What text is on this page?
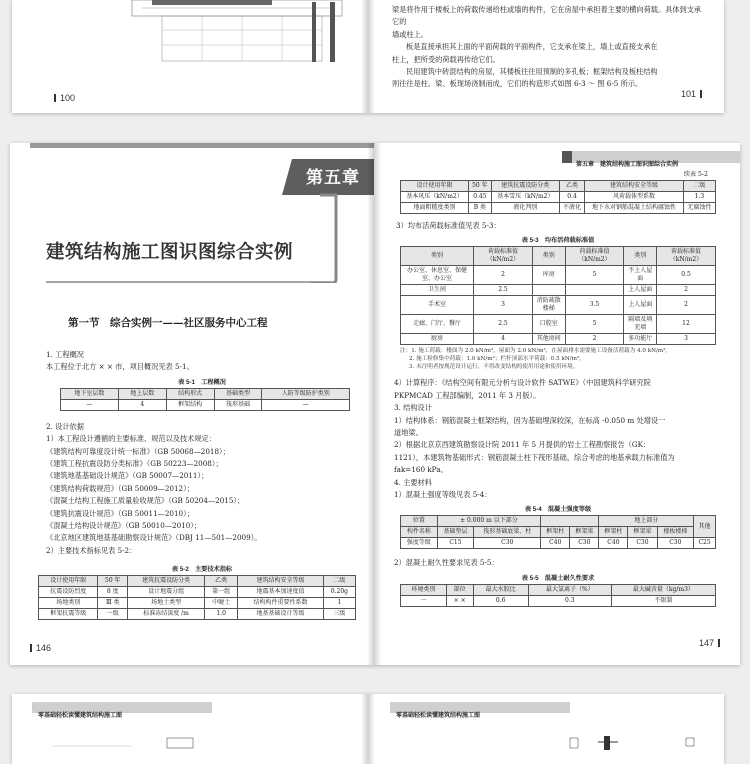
100

梁是将作用于楼板上的荷载传递给柱或墙的构件，它在房屋中承担着主要的横向荷载。具体到支承它的

墙或柱上。

板是直接承担其上面的平面荷载的平面构件，它支承在梁上，墙上或直接支承在

柱上，把所受的荷载再传给它们。

民用建筑中砖混结构的房屋，其楼板往往用预制的多孔板；框架结构及板柱结构

则往往是柱、梁、板现场浇制而成，它们的构造形式如图 6-3 ～ 图 6-5 所示。

101
第五章
建筑结构施工图识图综合实例
第一节　综合实例一——社区服务中心工程

1. 工程概况

本工程位于北方 × × 市，项目概况见表 5-1。

表 5-1　工程概况
地下室层数	地上层数	结构形式	基础类型	人防等级防护类别
—	4	框架结构	筏形基础	—

2. 设计依据

1）本工程设计遵循的主要标准、规范以及技术规定：

《建筑结构可靠度设计统一标准》（GB 50068—2018）；

《建筑工程抗震设防分类标准》（GB 50223—2008）；

《建筑地基基础设计规范》（GB 50007—2011）；

《建筑结构荷载规范》（GB 50009—2012）；

《混凝土结构工程施工质量验收规范》（GB 50204—2015）；

《建筑抗震设计规范》（GB 50011—2010）；

《混凝土结构设计规范》（GB 50010—2010）；

《北京地区建筑地基基础勘察设计规范》（DBJ 11—501—2009）。

2）主要技术指标见表 5-2：

表 5-2　主要技术指标
设计使用年限	50 年	建筑抗震设防分类	乙类	建筑结构安全等级	二级
抗震设防烈度	8 度	设计地震分组	第一组	地震基本加速度值	0.20g
场地类别	Ⅲ 类	场地土类型	中硬土	结构构件重要性系数	1
框架抗震等级	一级	标准冻结深度 /m	1.0	地基基础设计等级	三级
146
第五章　建筑结构施工图识图综合实例
续表 5-2
设计使用年限	50 年	建筑抗震设防分类	乙类	建筑结构安全等级	二级
基本风压（kN/m2）	0.45	基本雪压（kN/m2）	0.4	风荷载体型系数	1.3
地面粗糙度类别	B 类	液化判别	不液化	地下水对钢筋混凝土结构腐蚀性	无腐蚀性

3）均布活荷载标准值见表 5-3：

表 5-3　均布活荷载标准值
类别	荷载标准值（kN/m2）	类别	荷载标准值（kN/m2）	类别	荷载标准值（kN/m2）
办公室、休息室、保健室、办公室	2	库房	5	不上人屋面	0.5
卫生间	2.5			上人屋面	2
手术室	3	消防疏散楼梯	3.5	上人屋面	2
走廊、门厅、餐厅	2.5	口腔室	5	隔墙及填充墙	12
厨房	4	其他房间	2	多功能厅	3
注：1. 施工荷载：楼面为 2.0 kN/m²，屋面为 2.0 kN/m²，在屋面排水需要施工设备活荷载为 4.0 kN/m²。
2. 施工检修集中荷载：1.0 kN/m²；栏杆顶部水平荷载：0.5 kN/m²。
3. 未注明者按规范设计运行，不得改变结构的使用用途和使用环境。

4）计算程序：《结构空间有限元分析与设计软件 SATWE》（中国建筑科学研究院

PKPMCAD 工程部编制，2011 年 3 月版）。

3. 结构设计

1）结构体系：钢筋混凝土框架结构，因为基础埋深较深，在标高 -0.050 m 处增设一

道地梁。

2）根据北京京西建筑勘察设计院 2011 年 5 月提供的岩土工程勘察报告（GK：

1121），本建筑物基础形式：钢筋混凝土柱下筏形基础，综合考虑的地基承载力标准值为

fak=160 kPa。

4. 主要材料

1）混凝土强度等级见表 5-4：

表 5-4　混凝土强度等级
位置	± 0.000 m 以下部分				地上部分			其他
构件名称	基础垫层	筏形基础底梁、柱	框架柱	框架梁	框架柱	框架梁	楼板楼梯	
强度等级	C15	C30	C40	C30	C40	C30	C30	C25

2）混凝土耐久性要求见表 5-5：

表 5-5　混凝土耐久性要求
环境类别	部位	最大水胶比	最大氯离子（%）	最大碱含量（kg/m3）
一	× ×	0.6	0.3	不限制
147
零基础轻松读懂建筑结构施工图	零基础轻松读懂建筑结构施工图
